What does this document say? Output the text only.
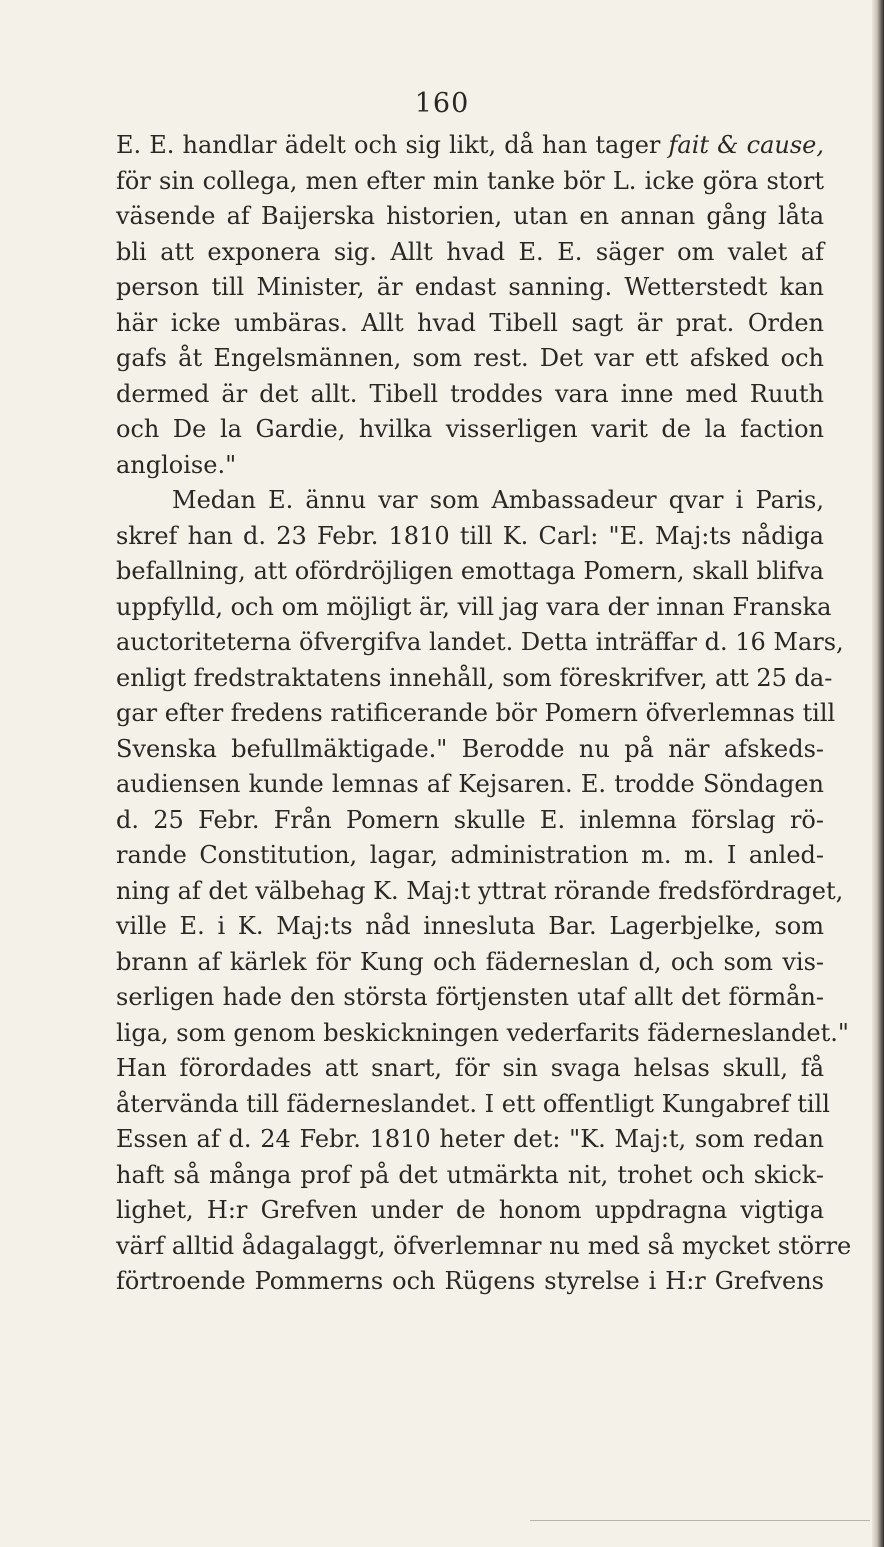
160
E. E. handlar ädelt och sig likt, då han tager fait & cause,
för sin collega, men efter min tanke bör L. icke göra stort
väsende af Baijerska historien, utan en annan gång låta
bli att exponera sig. Allt hvad E. E. säger om valet af
person till Minister, är endast sanning. Wetterstedt kan
här icke umbäras. Allt hvad Tibell sagt är prat. Orden
gafs åt Engelsmännen, som rest. Det var ett afsked och
dermed är det allt. Tibell troddes vara inne med Ruuth
och De la Gardie, hvilka visserligen varit de la faction
angloise."
Medan E. ännu var som Ambassadeur qvar i Paris,
skref han d. 23 Febr. 1810 till K. Carl: "E. Maj:ts nådiga
befallning, att ofördröjligen emottaga Pomern, skall blifva
uppfylld, och om möjligt är, vill jag vara der innan Franska
auctoriteterna öfvergifva landet. Detta inträffar d. 16 Mars,
enligt fredstraktatens innehåll, som föreskrifver, att 25 da-
gar efter fredens ratificerande bör Pomern öfverlemnas till
Svenska befullmäktigade." Berodde nu på när afskeds-
audiensen kunde lemnas af Kejsaren. E. trodde Söndagen
d. 25 Febr. Från Pomern skulle E. inlemna förslag rö-
rande Constitution, lagar, administration m. m. I anled-
ning af det välbehag K. Maj:t yttrat rörande fredsfördraget,
ville E. i K. Maj:ts nåd innesluta Bar. Lagerbjelke, som
brann af kärlek för Kung och fäderneslan d, och som vis-
serligen hade den största förtjensten utaf allt det förmån-
liga, som genom beskickningen vederfarits fäderneslandet."
Han förordades att snart, för sin svaga helsas skull, få
återvända till fäderneslandet. I ett offentligt Kungabref till
Essen af d. 24 Febr. 1810 heter det: "K. Maj:t, som redan
haft så många prof på det utmärkta nit, trohet och skick-
lighet, H:r Grefven under de honom uppdragna vigtiga
värf alltid ådagalaggt, öfverlemnar nu med så mycket större
förtroende Pommerns och Rügens styrelse i H:r Grefvens
